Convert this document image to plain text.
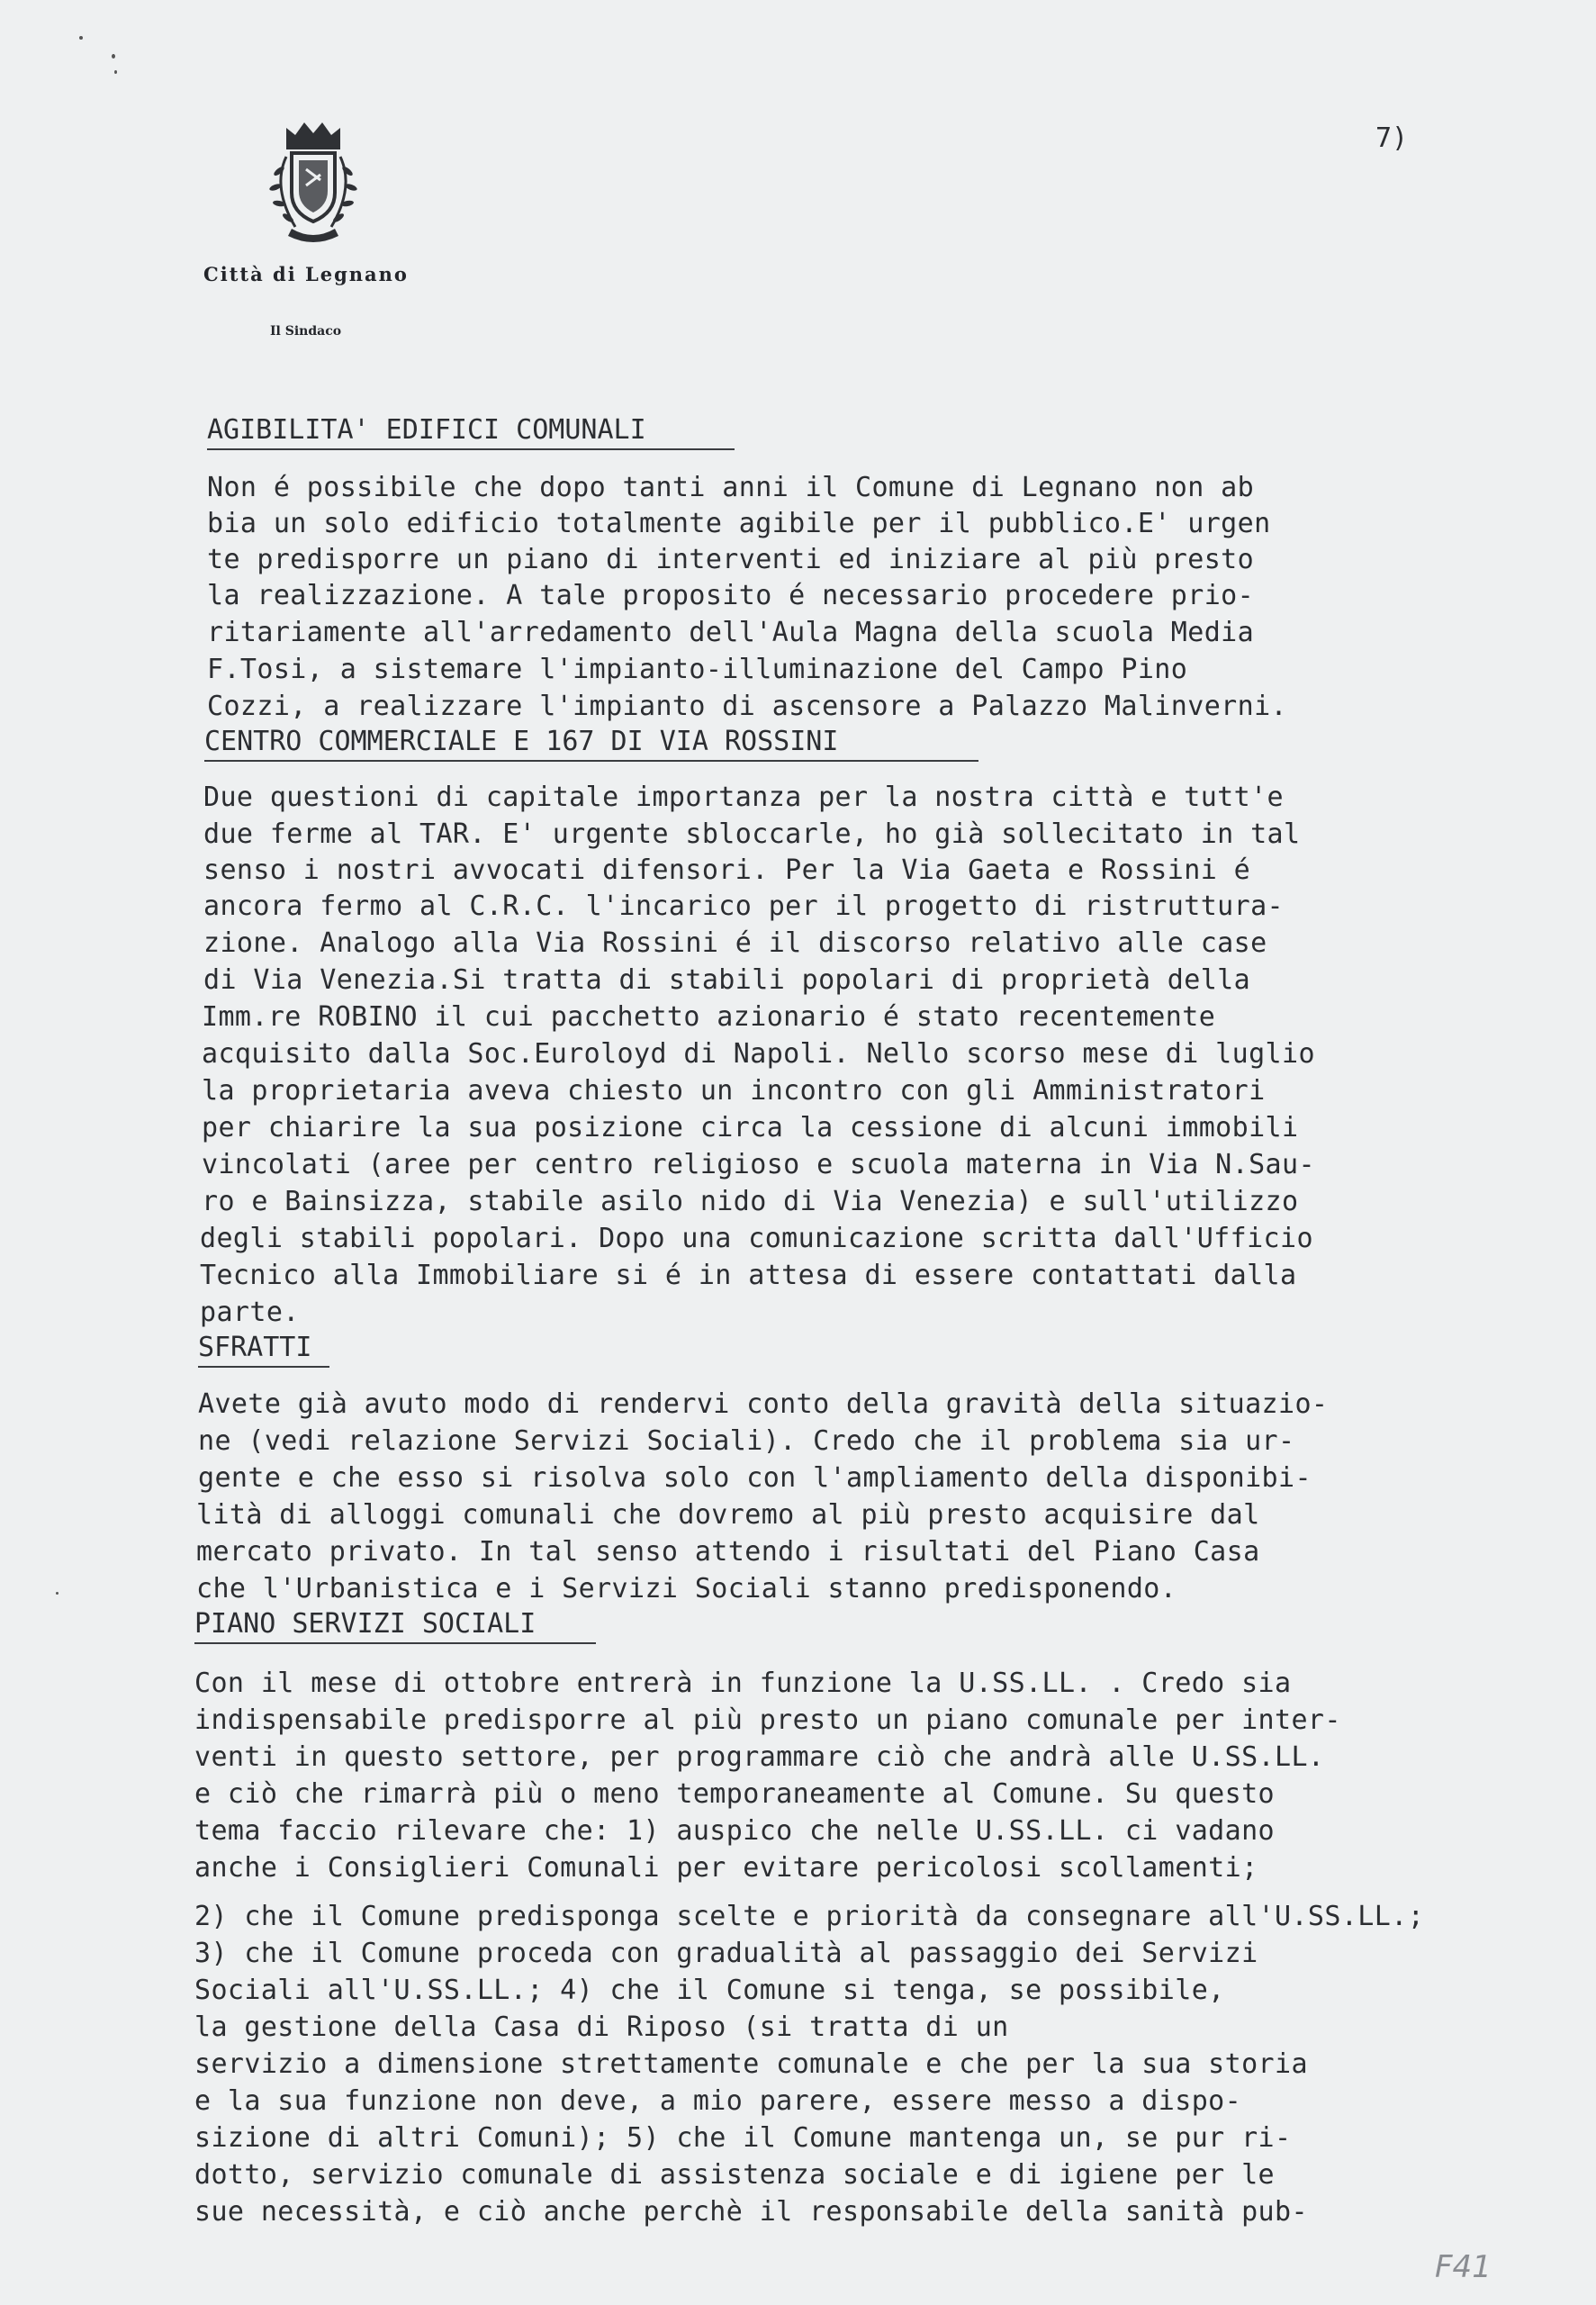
7)
Città di Legnano
Il Sindaco
AGIBILITA' EDIFICI COMUNALI
Non é possibile che dopo tanti anni il Comune di Legnano non ab
bia un solo edificio totalmente agibile per il pubblico.E' urgen
te predisporre un piano di interventi ed iniziare al più presto
la realizzazione. A tale proposito é necessario procedere prio-
ritariamente all'arredamento dell'Aula Magna della scuola Media
F.Tosi, a sistemare l'impianto-illuminazione del Campo Pino
Cozzi, a realizzare l'impianto di ascensore a Palazzo Malinverni.
CENTRO COMMERCIALE E 167 DI VIA ROSSINI
Due questioni di capitale importanza per la nostra città e tutt'e
due ferme al TAR. E' urgente sbloccarle, ho già sollecitato in tal
senso i nostri avvocati difensori. Per la Via Gaeta e Rossini é
ancora fermo al C.R.C. l'incarico per il progetto di ristruttura-
zione. Analogo alla Via Rossini é il discorso relativo alle case
di Via Venezia.Si tratta di stabili popolari di proprietà della
Imm.re ROBINO il cui pacchetto azionario é stato recentemente
acquisito dalla Soc.Euroloyd di Napoli. Nello scorso mese di luglio
la proprietaria aveva chiesto un incontro con gli Amministratori
per chiarire la sua posizione circa la cessione di alcuni immobili
vincolati (aree per centro religioso e scuola materna in Via N.Sau-
ro e Bainsizza, stabile asilo nido di Via Venezia) e sull'utilizzo
degli stabili popolari. Dopo una comunicazione scritta dall'Ufficio
Tecnico alla Immobiliare si é in attesa di essere contattati dalla
parte.
SFRATTI
Avete già avuto modo di rendervi conto della gravità della situazio-
ne (vedi relazione Servizi Sociali). Credo che il problema sia ur-
gente e che esso si risolva solo con l'ampliamento della disponibi-
lità di alloggi comunali che dovremo al più presto acquisire dal
mercato privato. In tal senso attendo i risultati del Piano Casa
che l'Urbanistica e i Servizi Sociali stanno predisponendo.
PIANO SERVIZI SOCIALI
Con il mese di ottobre entrerà in funzione la U.SS.LL. . Credo sia
indispensabile predisporre al più presto un piano comunale per inter-
venti in questo settore, per programmare ciò che andrà alle U.SS.LL.
e ciò che rimarrà più o meno temporaneamente al Comune. Su questo
tema faccio rilevare che: 1) auspico che nelle U.SS.LL. ci vadano
anche i Consiglieri Comunali per evitare pericolosi scollamenti;
2) che il Comune predisponga scelte e priorità da consegnare all'U.SS.LL.;
3) che il Comune proceda con gradualità al passaggio dei Servizi
Sociali all'U.SS.LL.; 4) che il Comune si tenga, se possibile,
la gestione della Casa di Riposo (si tratta di un
servizio a dimensione strettamente comunale e che per la sua storia
e la sua funzione non deve, a mio parere, essere messo a dispo-
sizione di altri Comuni); 5) che il Comune mantenga un, se pur ri-
dotto, servizio comunale di assistenza sociale e di igiene per le
sue necessità, e ciò anche perchè il responsabile della sanità pub-
F41
